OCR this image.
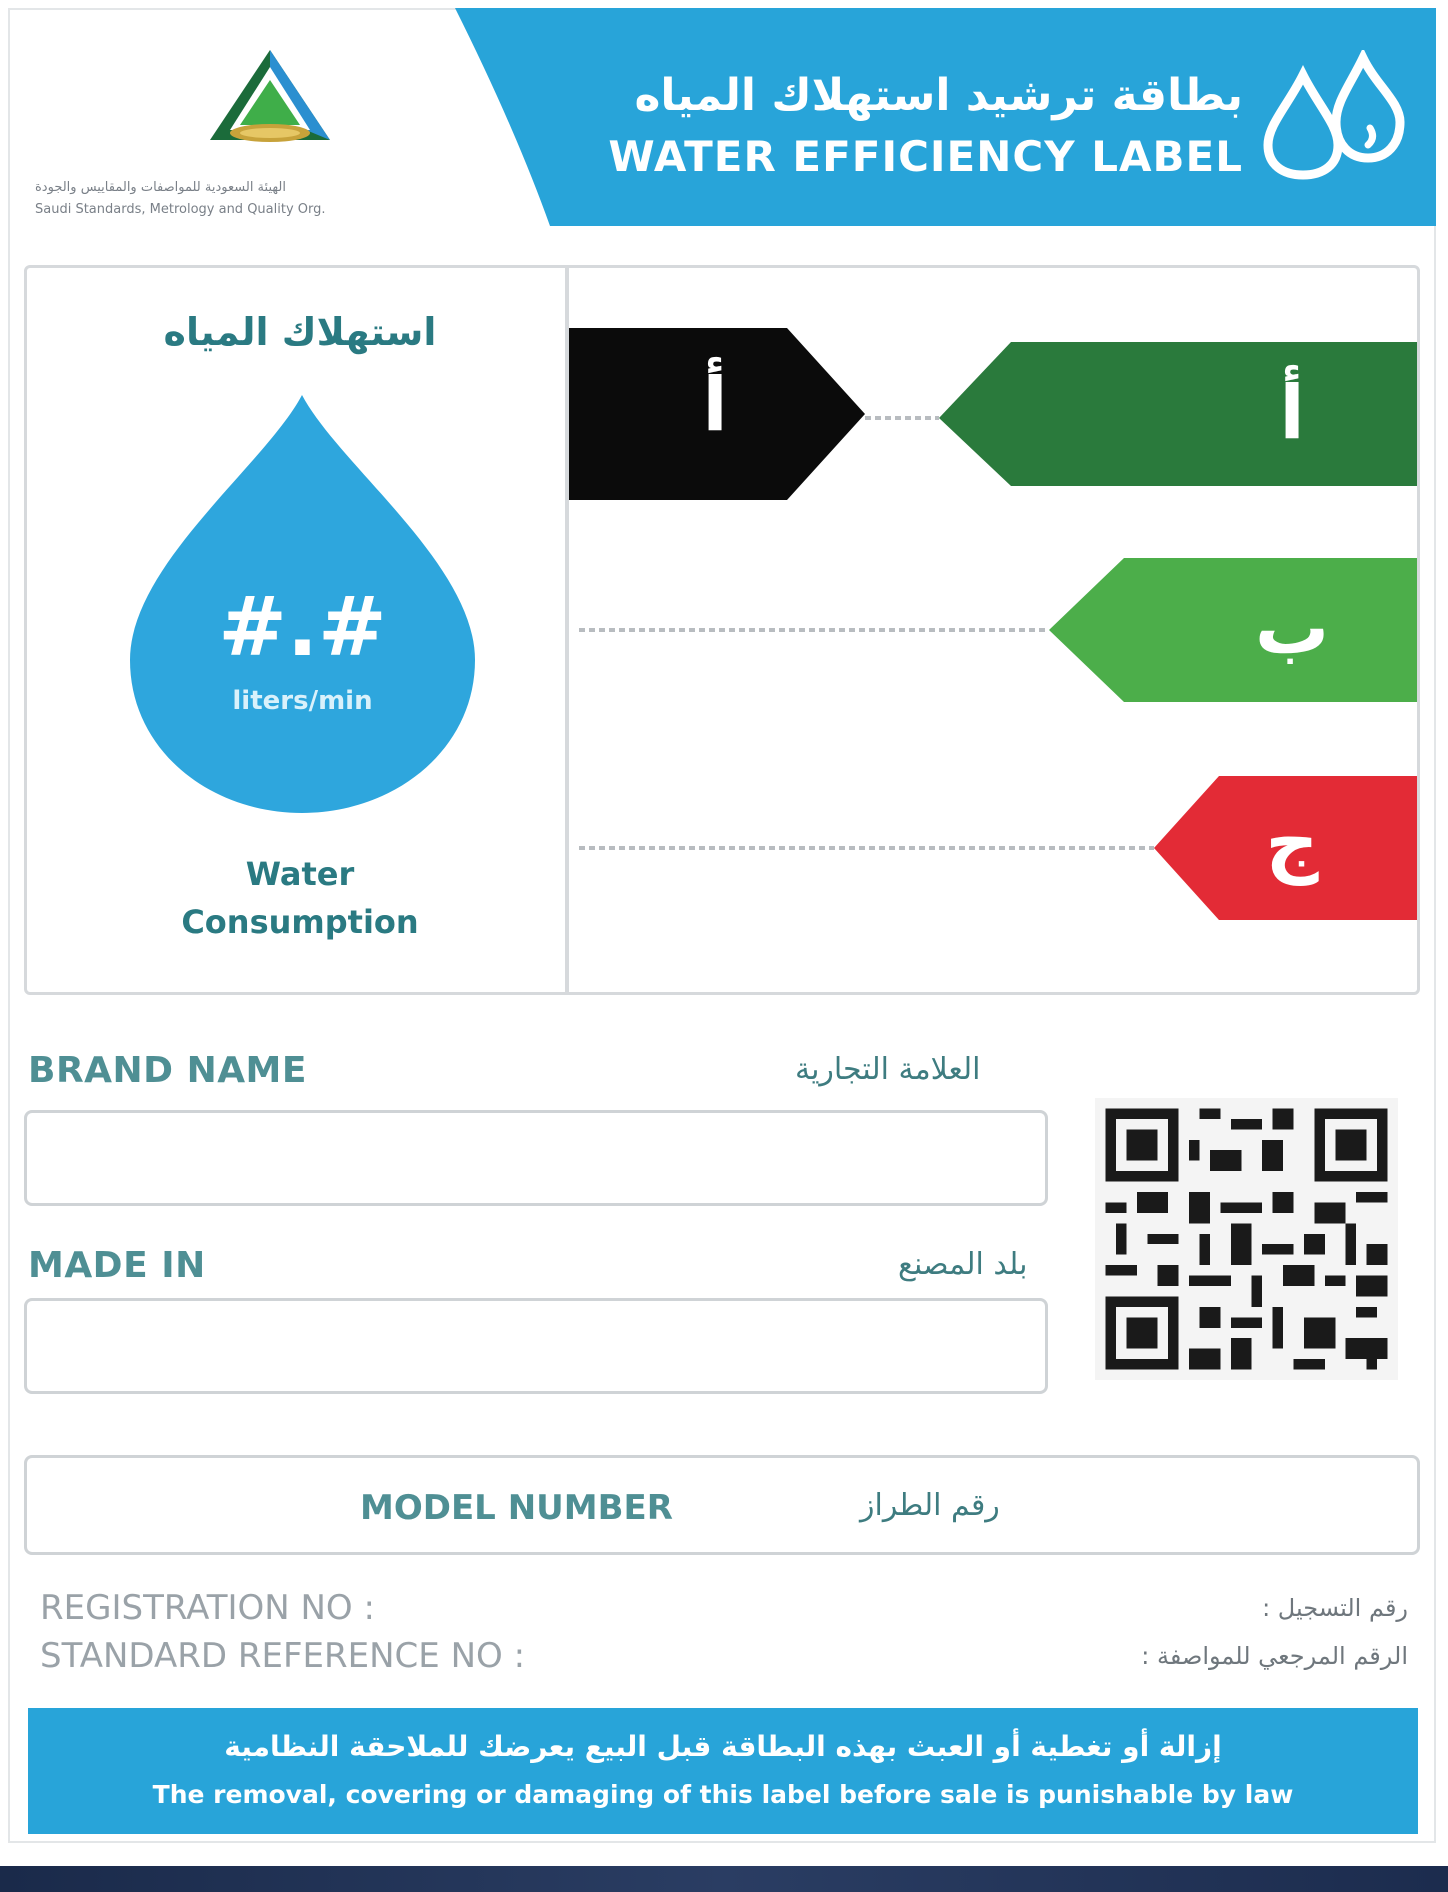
بطاقة ترشيد استهلاك المياه
WATER EFFICIENCY LABEL
الهيئة السعودية للمواصفات والمقاييس والجودة
Saudi Standards, Metrology and Quality Org.
استهلاك المياه
#.#
liters/min
Water
Consumption
أ	أ
ب
ج
BRAND NAME	العلامة التجارية
MADE IN	بلد المصنع
MODEL NUMBER	رقم الطراز
REGISTRATION NO :	رقم التسجيل :
STANDARD REFERENCE NO :	الرقم المرجعي للمواصفة :
إزالة أو تغطية أو العبث بهذه البطاقة قبل البيع يعرضك للملاحقة النظامية
The removal, covering or damaging of this label before sale is punishable by law
